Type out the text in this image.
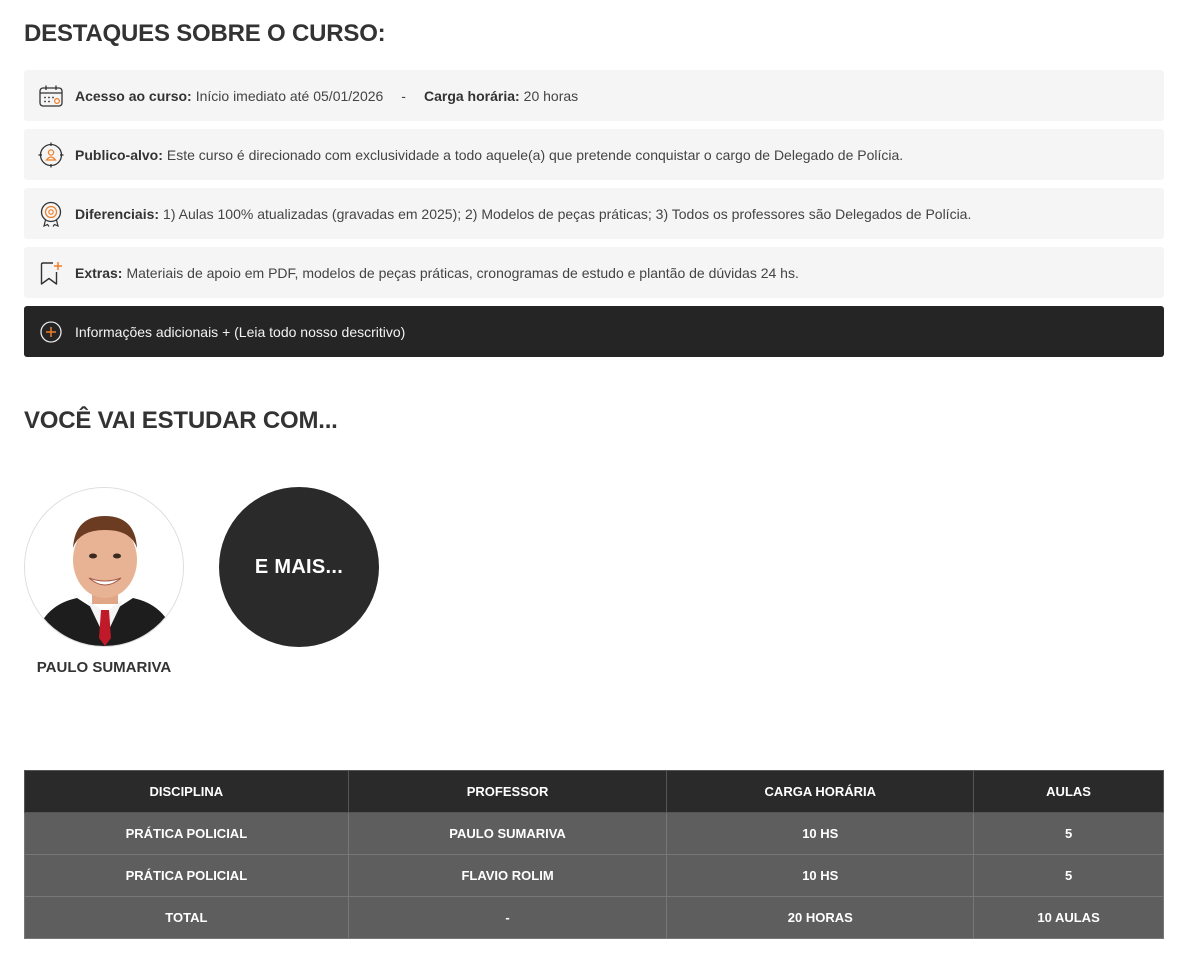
DESTAQUES SOBRE O CURSO:
Acesso ao curso: Início imediato até 05/01/2026 - Carga horária: 20 horas
Publico-alvo: Este curso é direcionado com exclusividade a todo aquele(a) que pretende conquistar o cargo de Delegado de Polícia.
Diferenciais: 1) Aulas 100% atualizadas (gravadas em 2025); 2) Modelos de peças práticas; 3) Todos os professores são Delegados de Polícia.
Extras: Materiais de apoio em PDF, modelos de peças práticas, cronogramas de estudo e plantão de dúvidas 24 hs.
Informações adicionais + (Leia todo nosso descritivo)
VOCÊ VAI ESTUDAR COM...
PAULO SUMARIVA
E MAIS...
DISCIPLINA	PROFESSOR	CARGA HORÁRIA	AULAS
PRÁTICA POLICIAL	PAULO SUMARIVA	10 HS	5
PRÁTICA POLICIAL	FLAVIO ROLIM	10 HS	5
TOTAL	-	20 HORAS	10 AULAS
